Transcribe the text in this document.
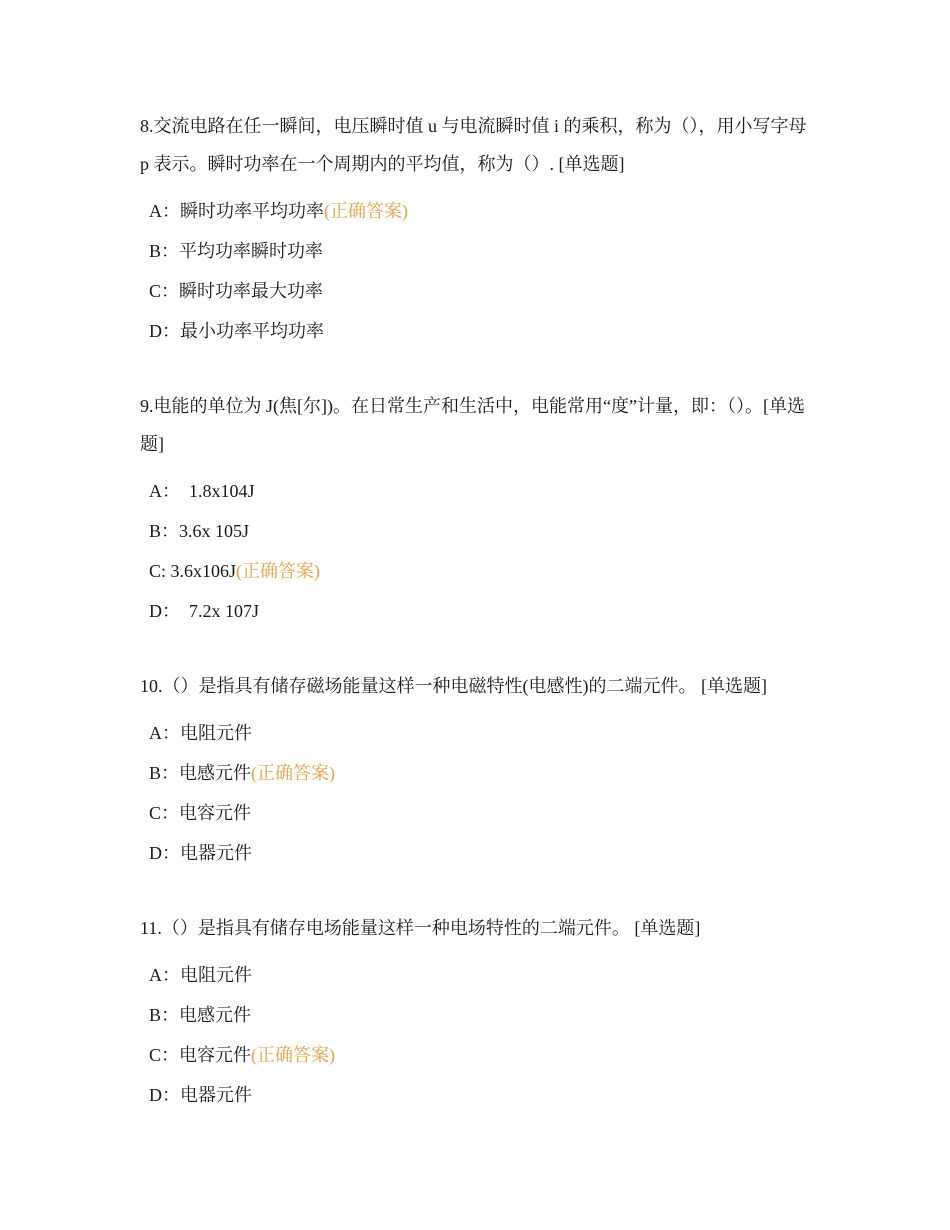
8.交流电路在任一瞬间，电压瞬时值 u 与电流瞬时值 i 的乘积，称为（），用小写字母 p 表示。瞬时功率在一个周期内的平均值，称为（）. [单选题]

A：瞬时功率平均功率(正确答案)
B：平均功率瞬时功率
C：瞬时功率最大功率
D：最小功率平均功率

9.电能的单位为 J(焦[尔])。在日常生产和生活中，电能常用“度”计量，即：（）。[单选题]

A：  1.8x104J
B：3.6x 105J
C: 3.6x106J(正确答案)
D：  7.2x 107J

10.（）是指具有储存磁场能量这样一种电磁特性(电感性)的二端元件。 [单选题]

A：电阻元件
B：电感元件(正确答案)
C：电容元件
D：电器元件

11.（）是指具有储存电场能量这样一种电场特性的二端元件。 [单选题]

A：电阻元件
B：电感元件
C：电容元件(正确答案)
D：电器元件
